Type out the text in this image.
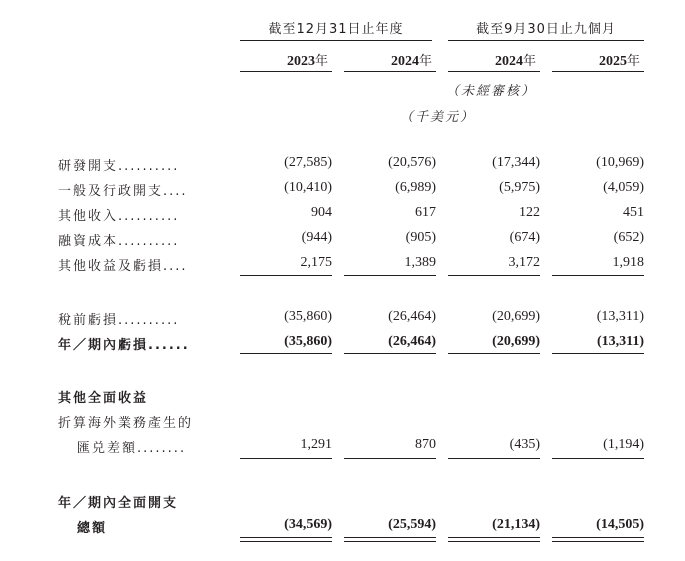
截至12月31日止年度	截至9月30日止九個月
2023年	2024年	2024年	2025年
（未經審核）
（千美元）
研發開支..........	(27,585)	(20,576)	(17,344)	(10,969)
一般及行政開支....	(10,410)	(6,989)	(5,975)	(4,059)
其他收入..........	904	617	122	451
融資成本..........	(944)	(905)	(674)	(652)
其他收益及虧損....	2,175	1,389	3,172	1,918
稅前虧損..........	(35,860)	(26,464)	(20,699)	(13,311)
年／期內虧損......	(35,860)	(26,464)	(20,699)	(13,311)
其他全面收益
折算海外業務產生的
匯兑差額........	1,291	870	(435)	(1,194)
年／期內全面開支
總額	(34,569)	(25,594)	(21,134)	(14,505)
